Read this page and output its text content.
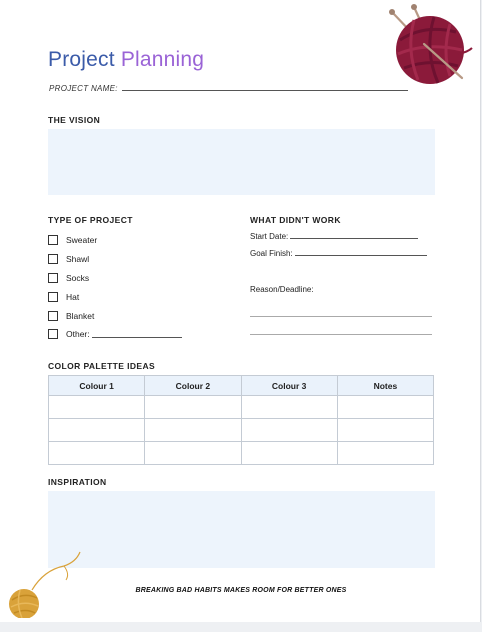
Project Planning
PROJECT NAME:
THE VISION
TYPE OF PROJECT
Sweater
Shawl
Socks
Hat
Blanket
Other:
WHAT DIDN'T WORK
Start Date:
Goal Finish:
Reason/Deadline:
COLOR PALETTE IDEAS
Colour 1	Colour 2	Colour 3	Notes

INSPIRATION
BREAKING BAD HABITS MAKES ROOM FOR BETTER ONES
